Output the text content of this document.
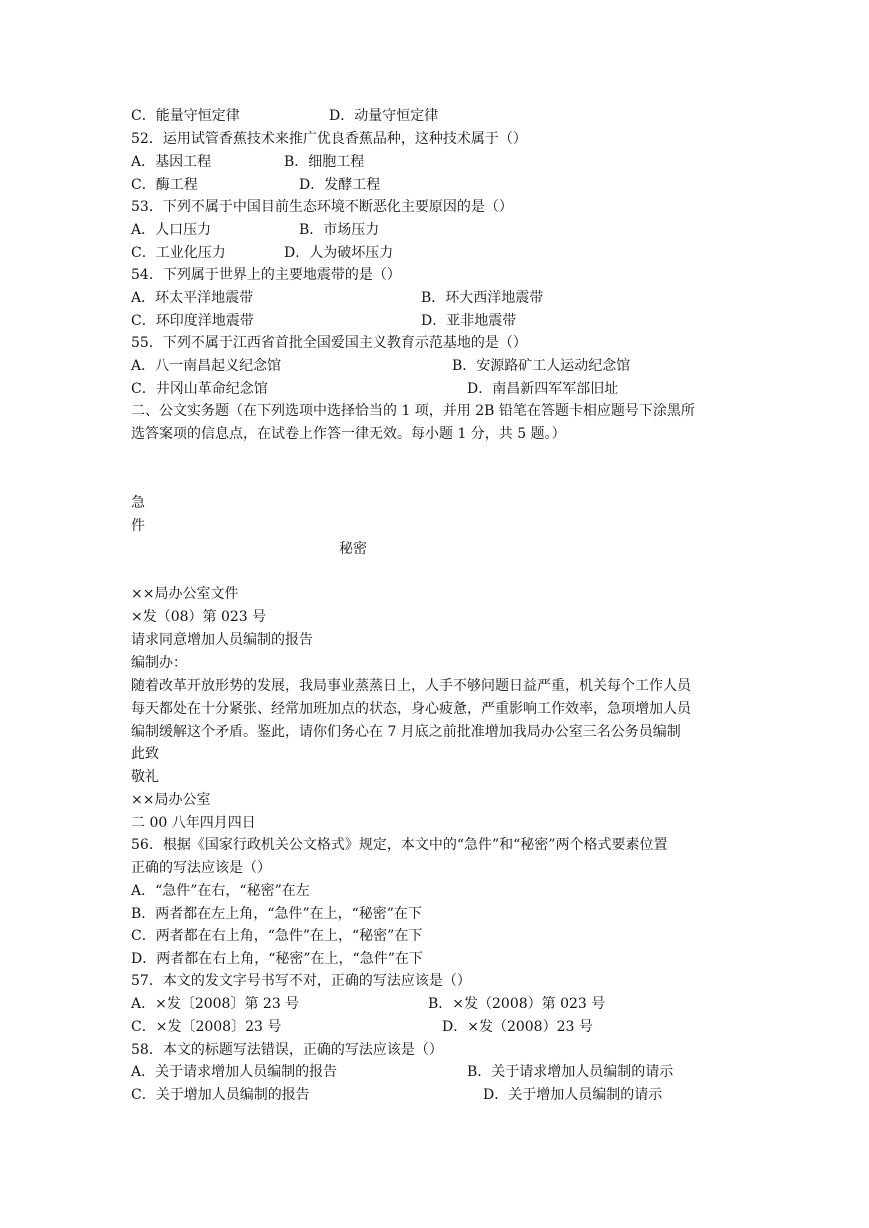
C．能量守恒定律	D．动量守恒定律
52．运用试管香蕉技术来推广优良香蕉品种，这种技术属于（）
A．基因工程	B．细胞工程
C．酶工程	D．发酵工程
53．下列不属于中国目前生态环境不断恶化主要原因的是（）
A．人口压力	B．市场压力
C．工业化压力	D．人为破坏压力
54．下列属于世界上的主要地震带的是（）
A．环太平洋地震带	B．环大西洋地震带
C．环印度洋地震带	D．亚非地震带
55．下列不属于江西省首批全国爱国主义教育示范基地的是（）
A．八一南昌起义纪念馆	B．安源路矿工人运动纪念馆
C．井冈山革命纪念馆	D．南昌新四军军部旧址
二、公文实务题（在下列选项中选择恰当的 1 项，并用 2B 铅笔在答题卡相应题号下涂黑所
选答案项的信息点，在试卷上作答一律无效。每小题 1 分，共 5 题。）
急
件
秘密
××局办公室文件
×发（08）第 023 号
请求同意增加人员编制的报告
编制办：
随着改革开放形势的发展，我局事业蒸蒸日上，人手不够问题日益严重，机关每个工作人员
每天都处在十分紧张、经常加班加点的状态，身心疲惫，严重影响工作效率，急项增加人员
编制缓解这个矛盾。鉴此，请你们务心在 7 月底之前批准增加我局办公室三名公务员编制
此致
敬礼
××局办公室
二 00 八年四月四日
56．根据《国家行政机关公文格式》规定，本文中的“急件”和“秘密”两个格式要素位置
正确的写法应该是（）
A．“急件”在右，“秘密”在左
B．两者都在左上角，“急件”在上，“秘密”在下
C．两者都在右上角，“急件”在上，“秘密”在下
D．两者都在右上角，“秘密”在上，“急件”在下
57．本文的发文字号书写不对，正确的写法应该是（）
A．×发〔2008〕第 23 号	B．×发（2008）第 023 号
C．×发〔2008〕23 号	D．×发（2008）23 号
58．本文的标题写法错误，正确的写法应该是（）
A．关于请求增加人员编制的报告	B．关于请求增加人员编制的请示
C．关于增加人员编制的报告	D．关于增加人员编制的请示
